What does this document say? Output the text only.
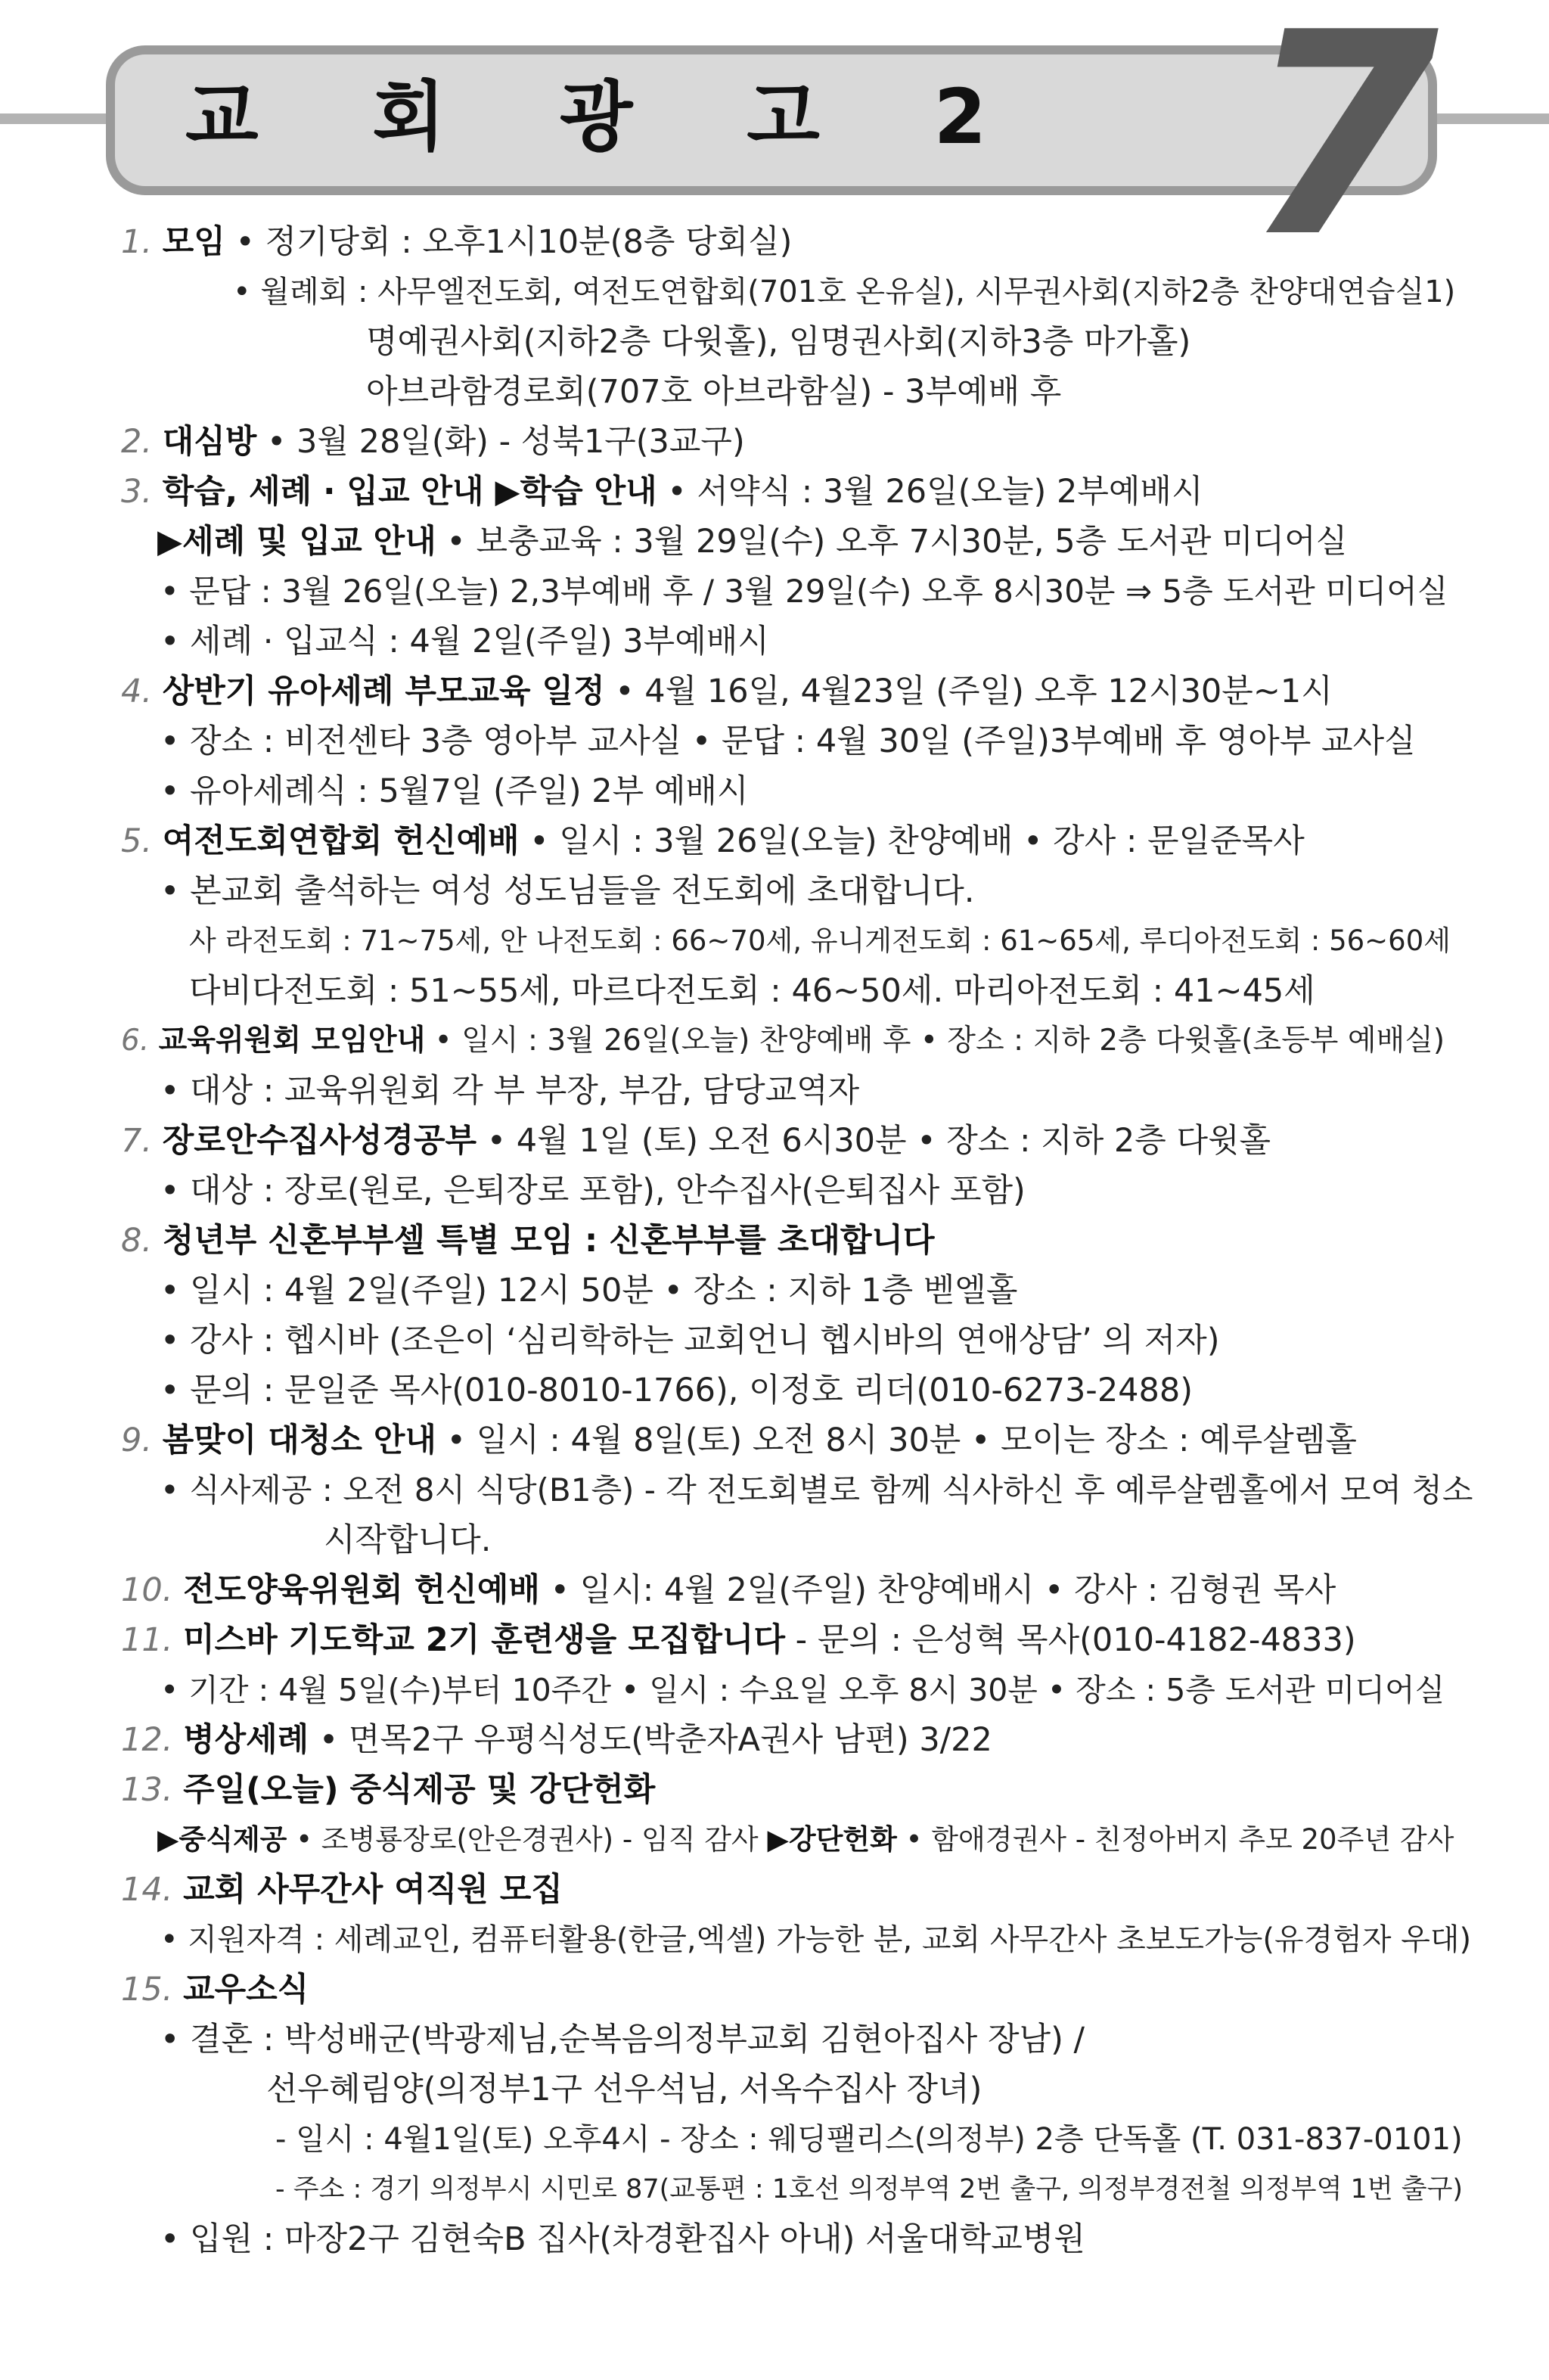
교 회 광 고 2 7
1. 모임 • 정기당회 : 오후1시10분(8층 당회실)
• 월례회 : 사무엘전도회, 여전도연합회(701호 온유실), 시무권사회(지하2층 찬양대연습실1)
명예권사회(지하2층 다윗홀), 임명권사회(지하3층 마가홀)
아브라함경로회(707호 아브라함실) - 3부예배 후
2. 대심방 • 3월 28일(화) - 성북1구(3교구)
3. 학습, 세례 · 입교 안내 ▶학습 안내 • 서약식 : 3월 26일(오늘) 2부예배시
▶세례 및 입교 안내 • 보충교육 : 3월 29일(수) 오후 7시30분, 5층 도서관 미디어실
• 문답 : 3월 26일(오늘) 2,3부예배 후 / 3월 29일(수) 오후 8시30분 ⇒ 5층 도서관 미디어실
• 세례 · 입교식 : 4월 2일(주일) 3부예배시
4. 상반기 유아세례 부모교육 일정 • 4월 16일, 4월23일 (주일) 오후 12시30분~1시
• 장소 : 비전센타 3층 영아부 교사실 • 문답 : 4월 30일 (주일)3부예배 후 영아부 교사실
• 유아세례식 : 5월7일 (주일) 2부 예배시
5. 여전도회연합회 헌신예배 • 일시 : 3월 26일(오늘) 찬양예배 • 강사 : 문일준목사
• 본교회 출석하는 여성 성도님들을 전도회에 초대합니다.
사 라전도회 : 71~75세, 안 나전도회 : 66~70세, 유니게전도회 : 61~65세, 루디아전도회 : 56~60세
다비다전도회 : 51~55세, 마르다전도회 : 46~50세. 마리아전도회 : 41~45세
6. 교육위원회 모임안내 • 일시 : 3월 26일(오늘) 찬양예배 후 • 장소 : 지하 2층 다윗홀(초등부 예배실)
• 대상 : 교육위원회 각 부 부장, 부감, 담당교역자
7. 장로안수집사성경공부 • 4월 1일 (토) 오전 6시30분 • 장소 : 지하 2층 다윗홀
• 대상 : 장로(원로, 은퇴장로 포함), 안수집사(은퇴집사 포함)
8. 청년부 신혼부부셀 특별 모임 : 신혼부부를 초대합니다
• 일시 : 4월 2일(주일) 12시 50분 • 장소 : 지하 1층 벧엘홀
• 강사 : 헵시바 (조은이 ‘심리학하는 교회언니 헵시바의 연애상담’ 의 저자)
• 문의 : 문일준 목사(010-8010-1766), 이정호 리더(010-6273-2488)
9. 봄맞이 대청소 안내 • 일시 : 4월 8일(토) 오전 8시 30분 • 모이는 장소 : 예루살렘홀
• 식사제공 : 오전 8시 식당(B1층) - 각 전도회별로 함께 식사하신 후 예루살렘홀에서 모여 청소
시작합니다.
10. 전도양육위원회 헌신예배 • 일시: 4월 2일(주일) 찬양예배시 • 강사 : 김형권 목사
11. 미스바 기도학교 2기 훈련생을 모집합니다 - 문의 : 은성혁 목사(010-4182-4833)
• 기간 : 4월 5일(수)부터 10주간 • 일시 : 수요일 오후 8시 30분 • 장소 : 5층 도서관 미디어실
12. 병상세례 • 면목2구 우평식성도(박춘자A권사 남편) 3/22
13. 주일(오늘) 중식제공 및 강단헌화
▶중식제공 • 조병룡장로(안은경권사) - 임직 감사 ▶강단헌화 • 함애경권사 - 친정아버지 추모 20주년 감사
14. 교회 사무간사 여직원 모집
• 지원자격 : 세례교인, 컴퓨터활용(한글,엑셀) 가능한 분, 교회 사무간사 초보도가능(유경험자 우대)
15. 교우소식
• 결혼 : 박성배군(박광제님,순복음의정부교회 김현아집사 장남) /
선우혜림양(의정부1구 선우석님, 서옥수집사 장녀)
- 일시 : 4월1일(토) 오후4시 - 장소 : 웨딩팰리스(의정부) 2층 단독홀 (T. 031-837-0101)
- 주소 : 경기 의정부시 시민로 87(교통편 : 1호선 의정부역 2번 출구, 의정부경전철 의정부역 1번 출구)
• 입원 : 마장2구 김현숙B 집사(차경환집사 아내) 서울대학교병원
